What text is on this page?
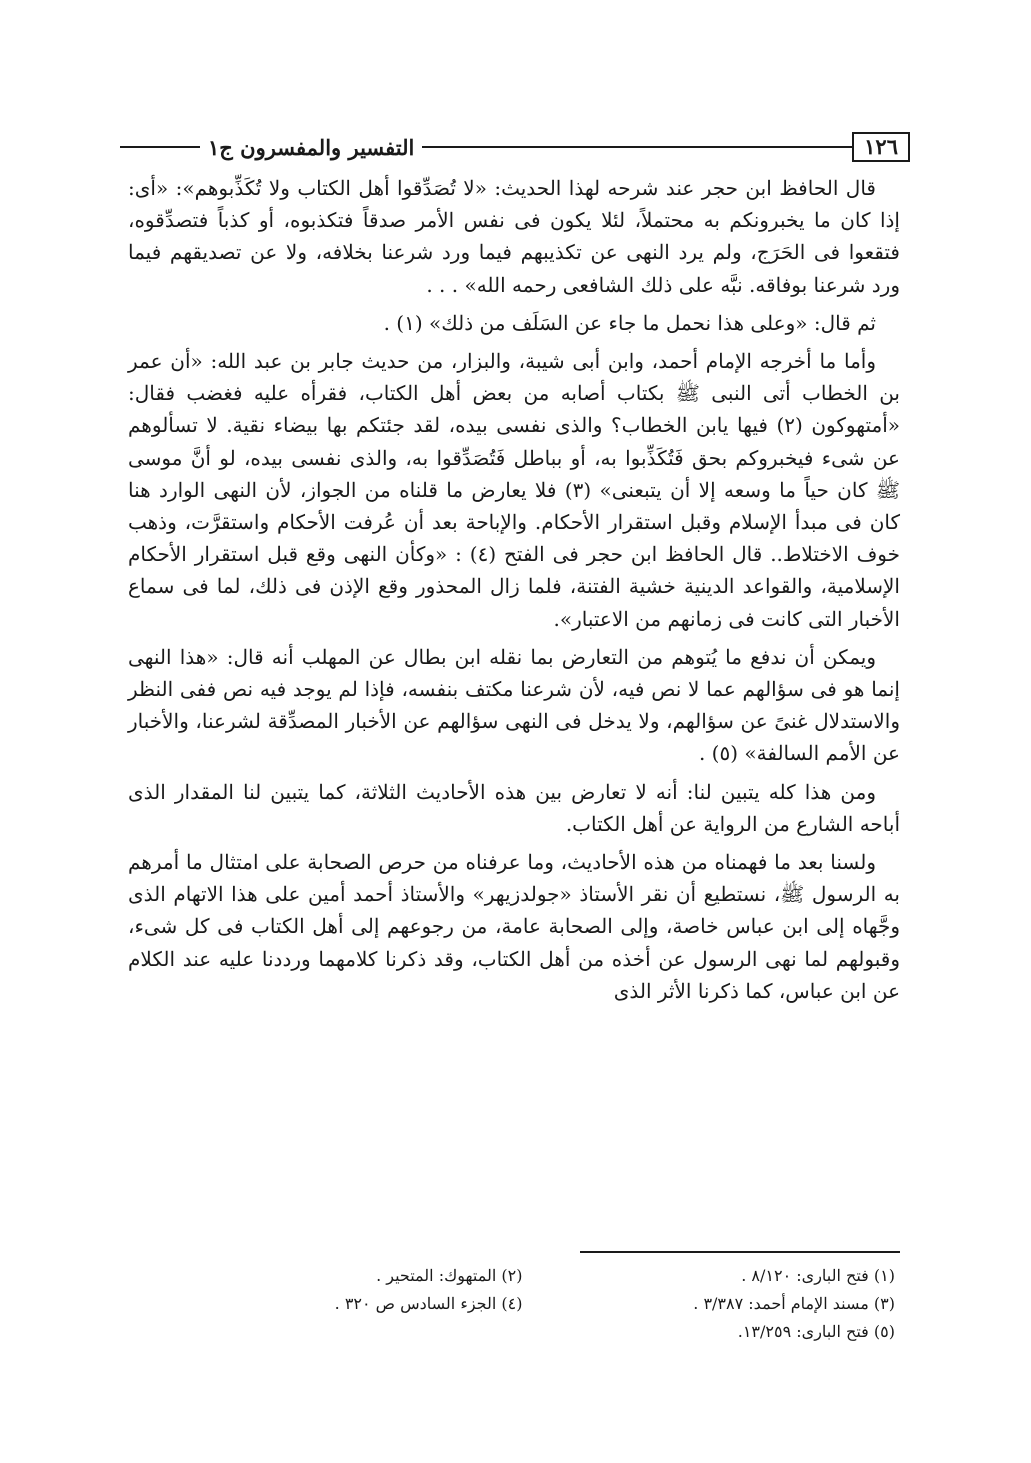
١٢٦
التفسير والمفسرون ج١

قال الحافظ ابن حجر عند شرحه لهذا الحديث: «لا تُصَدِّقوا أهل الكتاب ولا تُكَذِّبوهم»: «أى: إذا كان ما يخبرونكم به محتملاً، لئلا يكون فى نفس الأمر صدقاً فتكذبوه، أو كذباً فتصدِّقوه، فتقعوا فى الحَرَج، ولم يرد النهى عن تكذيبهم فيما ورد شرعنا بخلافه، ولا عن تصديقهم فيما ورد شرعنا بوفاقه. نبَّه على ذلك الشافعى رحمه الله» . . .

ثم قال: «وعلى هذا نحمل ما جاء عن السَلَف من ذلك» (١) .

وأما ما أخرجه الإمام أحمد، وابن أبى شيبة، والبزار، من حديث جابر بن عبد الله: «أن عمر بن الخطاب أتى النبى ﷺ بكتاب أصابه من بعض أهل الكتاب، فقرأه عليه فغضب فقال: «أمتهوكون (٢) فيها يابن الخطاب؟ والذى نفسى بيده، لقد جئتكم بها بيضاء نقية. لا تسألوهم عن شىء فيخبروكم بحق فَتُكَذِّبوا به، أو بباطل فَتُصَدِّقوا به، والذى نفسى بيده، لو أنَّ موسى ﷺ كان حياً ما وسعه إلا أن يتبعنى» (٣) فلا يعارض ما قلناه من الجواز، لأن النهى الوارد هنا كان فى مبدأ الإسلام وقبل استقرار الأحكام. والإباحة بعد أن عُرفت الأحكام واستقرَّت، وذهب خوف الاختلاط.. قال الحافظ ابن حجر فى الفتح (٤) : «وكأن النهى وقع قبل استقرار الأحكام الإسلامية، والقواعد الدينية خشية الفتنة، فلما زال المحذور وقع الإذن فى ذلك، لما فى سماع الأخبار التى كانت فى زمانهم من الاعتبار».

ويمكن أن ندفع ما يُتوهم من التعارض بما نقله ابن بطال عن المهلب أنه قال: «هذا النهى إنما هو فى سؤالهم عما لا نص فيه، لأن شرعنا مكتف بنفسه، فإذا لم يوجد فيه نص ففى النظر والاستدلال غنىً عن سؤالهم، ولا يدخل فى النهى سؤالهم عن الأخبار المصدِّقة لشرعنا، والأخبار عن الأمم السالفة» (٥) .

ومن هذا كله يتبين لنا: أنه لا تعارض بين هذه الأحاديث الثلاثة، كما يتبين لنا المقدار الذى أباحه الشارع من الرواية عن أهل الكتاب.

ولسنا بعد ما فهمناه من هذه الأحاديث، وما عرفناه من حرص الصحابة على امتثال ما أمرهم به الرسول ﷺ، نستطيع أن نقر الأستاذ «جولدزيهر» والأستاذ أحمد أمين على هذا الاتهام الذى وجَّهاه إلى ابن عباس خاصة، وإلى الصحابة عامة، من رجوعهم إلى أهل الكتاب فى كل شىء، وقبولهم لما نهى الرسول عن أخذه من أهل الكتاب، وقد ذكرنا كلامهما ورددنا عليه عند الكلام عن ابن عباس، كما ذكرنا الأثر الذى

(١) فتح البارى: ٨/١٢٠ .
(٢) المتهوك: المتحير .
(٣) مسند الإمام أحمد: ٣/٣٨٧ .
(٤) الجزء السادس ص ٣٢٠ .
(٥) فتح البارى: ١٣/٢٥٩.
